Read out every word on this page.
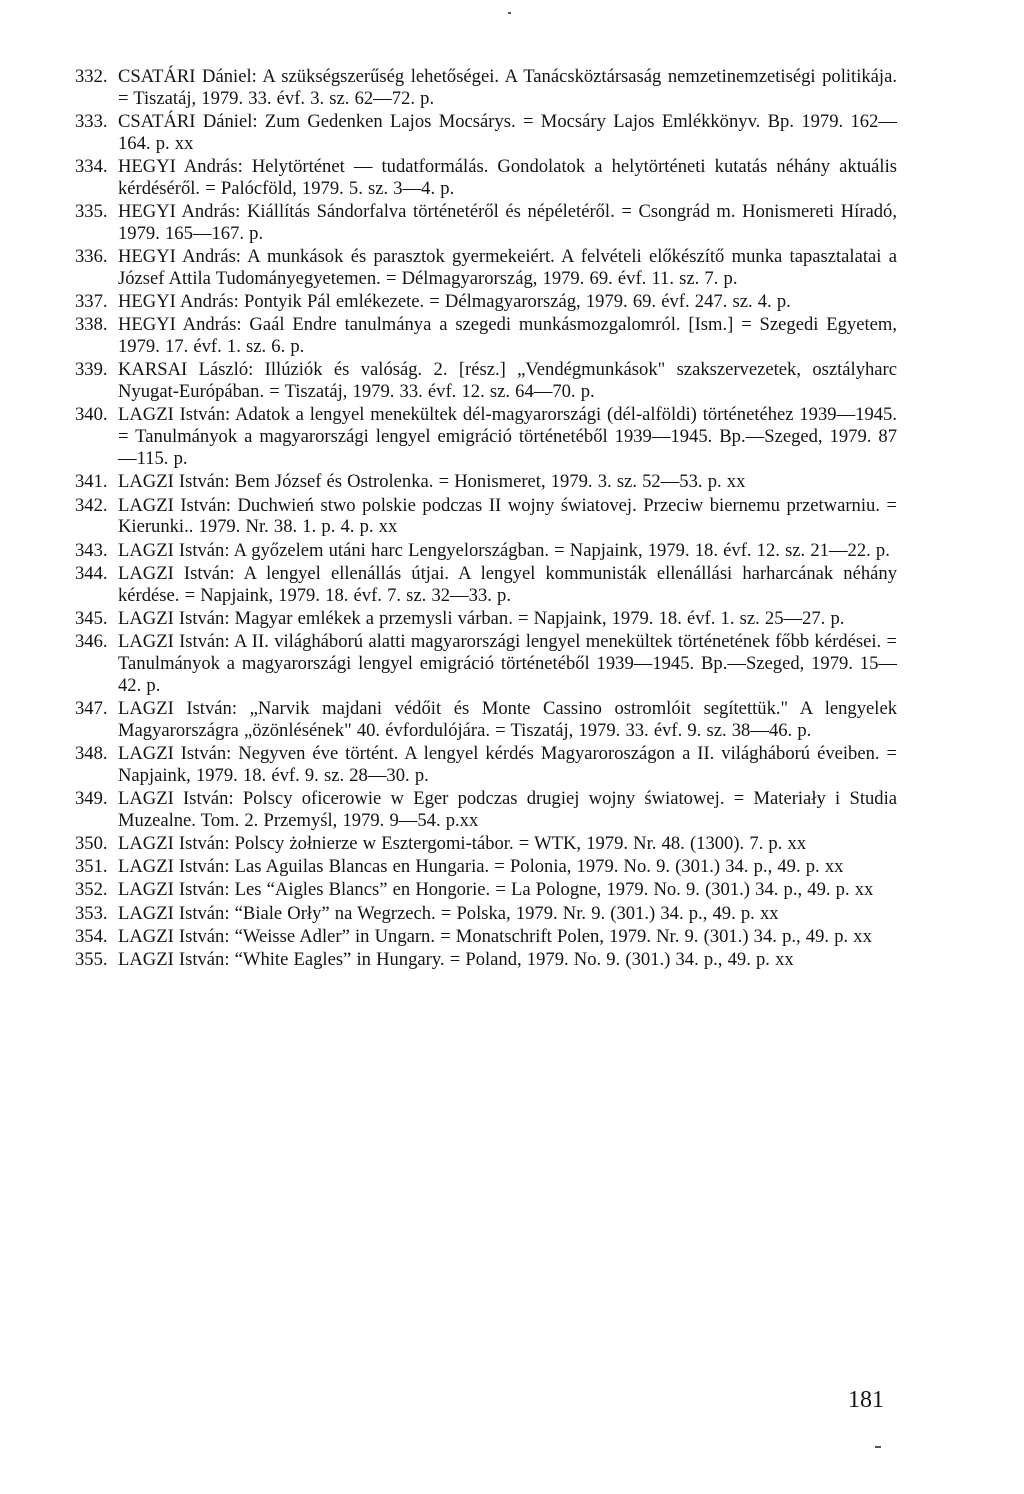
332. CSATÁRI Dániel: A szükségszerűség lehetőségei. A Tanácsköztársaság nemzetinemzetiségi politikája. = Tiszatáj, 1979. 33. évf. 3. sz. 62—72. p.
333. CSATÁRI Dániel: Zum Gedenken Lajos Mocsárys. = Mocsáry Lajos Emlékkönyv. Bp. 1979. 162—164. p. xx
334. HEGYI András: Helytörténet — tudatformálás. Gondolatok a helytörténeti kutatás néhány aktuális kérdéséről. = Palócföld, 1979. 5. sz. 3—4. p.
335. HEGYI András: Kiállítás Sándorfalva történetéről és népéletéről. = Csongrád m. Honismereti Híradó, 1979. 165—167. p.
336. HEGYI András: A munkások és parasztok gyermekeiért. A felvételi előkészítő munka tapasztalatai a József Attila Tudományegyetemen. = Délmagyarország, 1979. 69. évf. 11. sz. 7. p.
337. HEGYI András: Pontyik Pál emlékezete. = Délmagyarország, 1979. 69. évf. 247. sz. 4. p.
338. HEGYI András: Gaál Endre tanulmánya a szegedi munkásmozgalomról. [Ism.] = Szegedi Egyetem, 1979. 17. évf. 1. sz. 6. p.
339. KARSAI László: Illúziók és valóság. 2. [rész.] „Vendégmunkások" szakszervezetek, osztályharc Nyugat-Európában. = Tiszatáj, 1979. 33. évf. 12. sz. 64—70. p.
340. LAGZI István: Adatok a lengyel menekültek dél-magyarországi (dél-alföldi) történetéhez 1939—1945. = Tanulmányok a magyarországi lengyel emigráció történetéből 1939—1945. Bp.—Szeged, 1979. 87—115. p.
341. LAGZI István: Bem József és Ostrolenka. = Honismeret, 1979. 3. sz. 52—53. p. xx
342. LAGZI István: Duchwień stwo polskie podczas II wojny światovej. Przeciw biernemu przetwarniu. = Kierunki.. 1979. Nr. 38. 1. p. 4. p. xx
343. LAGZI István: A győzelem utáni harc Lengyelországban. = Napjaink, 1979. 18. évf. 12. sz. 21—22. p.
344. LAGZI István: A lengyel ellenállás útjai. A lengyel kommunisták ellenállási harharcának néhány kérdése. = Napjaink, 1979. 18. évf. 7. sz. 32—33. p.
345. LAGZI István: Magyar emlékek a przemysli várban. = Napjaink, 1979. 18. évf. 1. sz. 25—27. p.
346. LAGZI István: A II. világháború alatti magyarországi lengyel menekültek történetének főbb kérdései. = Tanulmányok a magyarországi lengyel emigráció történetéből 1939—1945. Bp.—Szeged, 1979. 15—42. p.
347. LAGZI István: „Narvik majdani védőit és Monte Cassino ostromlóit segítettük." A lengyelek Magyarországra „özönlésének" 40. évfordulójára. = Tiszatáj, 1979. 33. évf. 9. sz. 38—46. p.
348. LAGZI István: Negyven éve történt. A lengyel kérdés Magyaroroszágon a II. világháború éveiben. = Napjaink, 1979. 18. évf. 9. sz. 28—30. p.
349. LAGZI István: Polscy oficerowie w Eger podczas drugiej wojny światowej. = Materiały i Studia Muzealne. Tom. 2. Przemyśl, 1979. 9—54. p.xx
350. LAGZI István: Polscy żołnierze w Esztergomi-tábor. = WTK, 1979. Nr. 48. (1300). 7. p. xx
351. LAGZI István: Las Aguilas Blancas en Hungaria. = Polonia, 1979. No. 9. (301.) 34. p., 49. p. xx
352. LAGZI István: Les “Aigles Blancs” en Hongorie. = La Pologne, 1979. No. 9. (301.) 34. p., 49. p. xx
353. LAGZI István: “Biale Orły” na Wegrzech. = Polska, 1979. Nr. 9. (301.) 34. p., 49. p. xx
354. LAGZI István: “Weisse Adler” in Ungarn. = Monatschrift Polen, 1979. Nr. 9. (301.) 34. p., 49. p. xx
355. LAGZI István: “White Eagles” in Hungary. = Poland, 1979. No. 9. (301.) 34. p., 49. p. xx
181
